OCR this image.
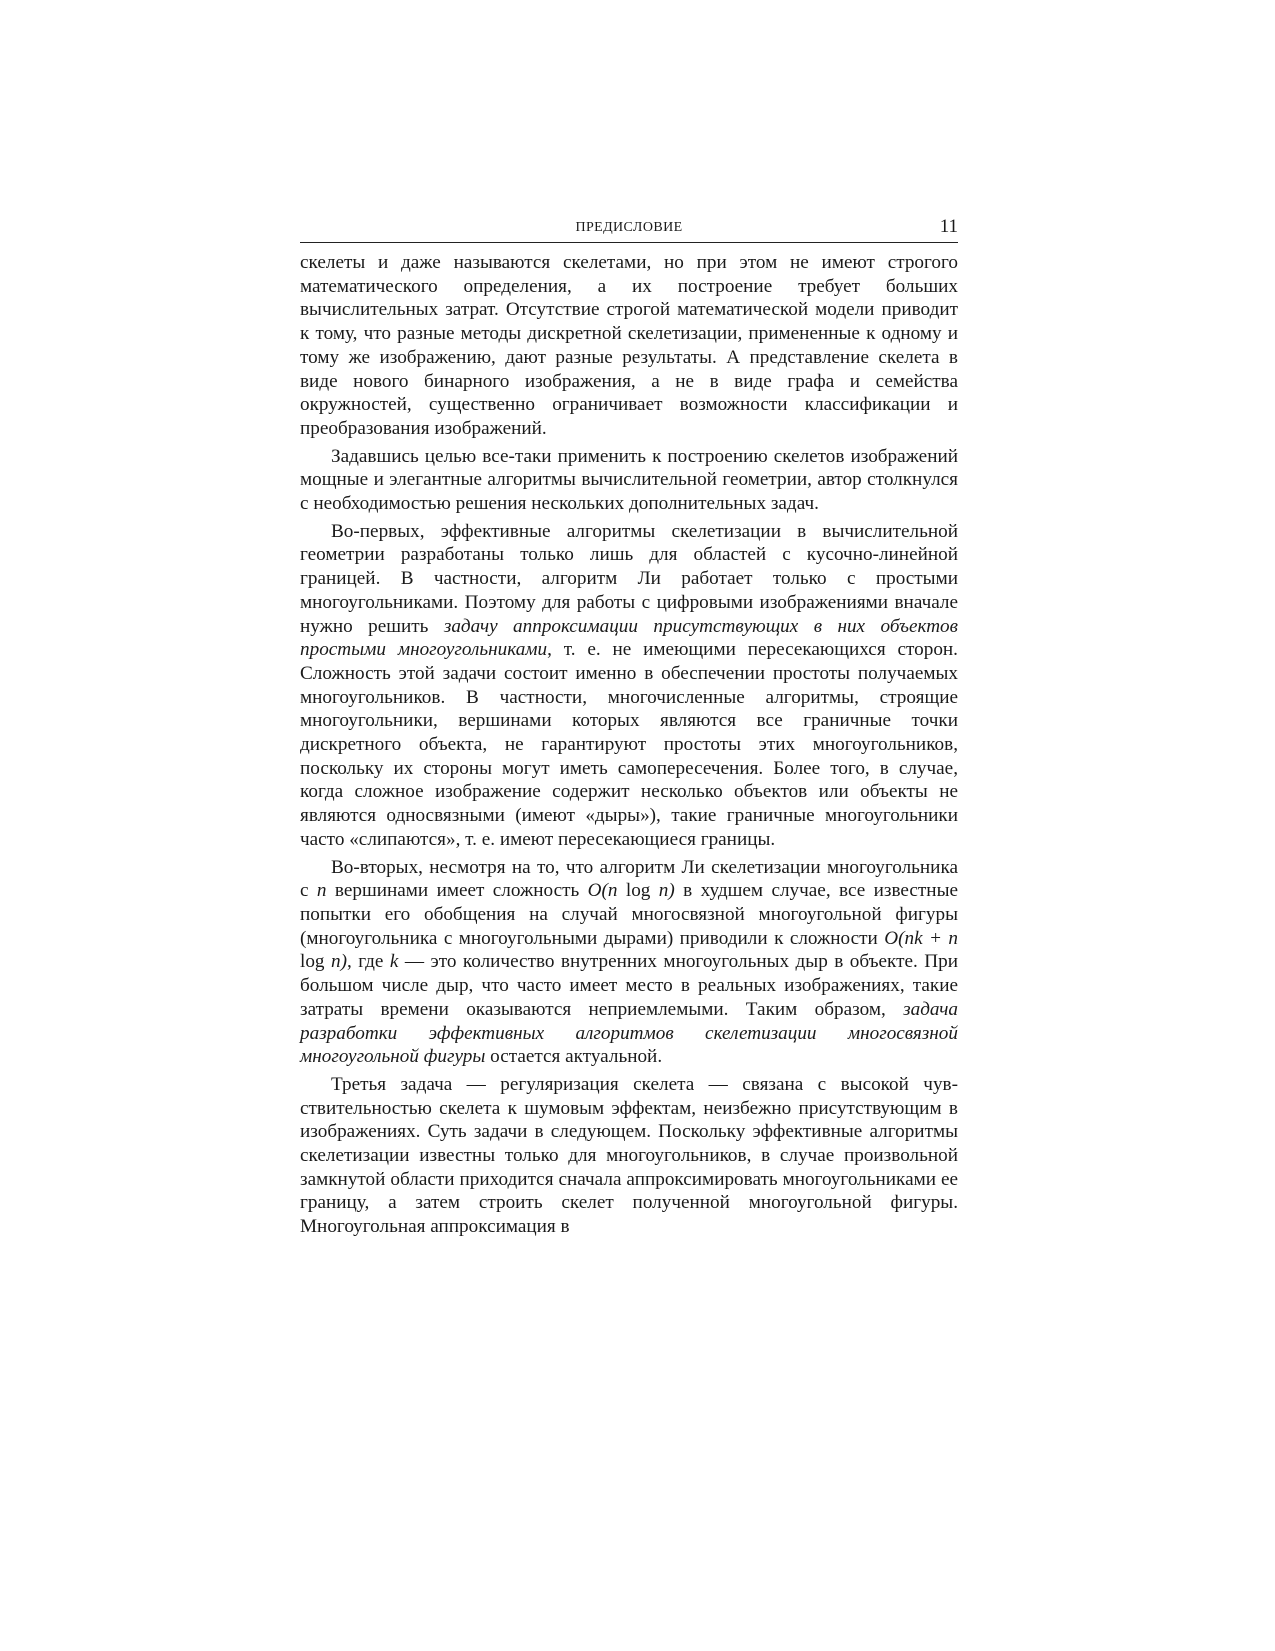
ПРЕДИСЛОВИЕ	11

скелеты и даже называются скелетами, но при этом не имеют строгого математического определения, а их построение требует больших вычислительных затрат. Отсутствие строгой математической модели приводит к тому, что разные методы дискретной скелетизации, примененные к одному и тому же изображению, дают разные результаты. А представление скелета в виде нового бинарного изображения, а не в виде графа и семейства окружностей, существенно ограничивает возможности классификации и преобразования изображений.

Задавшись целью все-таки применить к построению скелетов изображений мощные и элегантные алгоритмы вычислительной геометрии, автор столкнулся с необходимостью решения нескольких дополнительных задач.

Во-первых, эффективные алгоритмы скелетизации в вычислительной геометрии разработаны только лишь для областей с кусочно-линейной границей. В частности, алгоритм Ли работает только с простыми многоугольниками. Поэтому для работы с цифровыми изображениями вначале нужно решить задачу аппроксимации присутствующих в них объектов простыми многоугольниками, т. е. не имеющими пересекающихся сторон. Сложность этой задачи состоит именно в обеспечении простоты получаемых многоугольников. В частности, многочисленные алгоритмы, строящие многоугольники, вершинами которых являются все граничные точки дискретного объекта, не гарантируют простоты этих многоугольников, поскольку их стороны могут иметь самопересечения. Более того, в случае, когда сложное изображение содержит несколько объектов или объекты не являются односвязными (имеют «дыры»), такие граничные многоугольники часто «слипаются», т. е. имеют пересекающиеся границы.

Во-вторых, несмотря на то, что алгоритм Ли скелетизации многоугольника с n вершинами имеет сложность O(n log n) в худшем случае, все известные попытки его обобщения на случай многосвязной многоугольной фигуры (многоугольника с многоугольными дырами) приводили к сложности O(nk + n log n), где k — это количество внутренних многоугольных дыр в объекте. При большом числе дыр, что часто имеет место в реальных изображениях, такие затраты времени оказываются неприемлемыми. Таким образом, задача разработки эффективных алгоритмов скелетизации многосвязной многоугольной фигуры остается актуальной.

Третья задача — регуляризация скелета — связана с высокой чувствительностью скелета к шумовым эффектам, неизбежно присутствующим в изображениях. Суть задачи в следующем. Поскольку эффективные алгоритмы скелетизации известны только для многоугольников, в случае произвольной замкнутой области приходится сначала аппроксимировать многоугольниками ее границу, а затем строить скелет полученной многоугольной фигуры. Многоугольная аппроксимация в
